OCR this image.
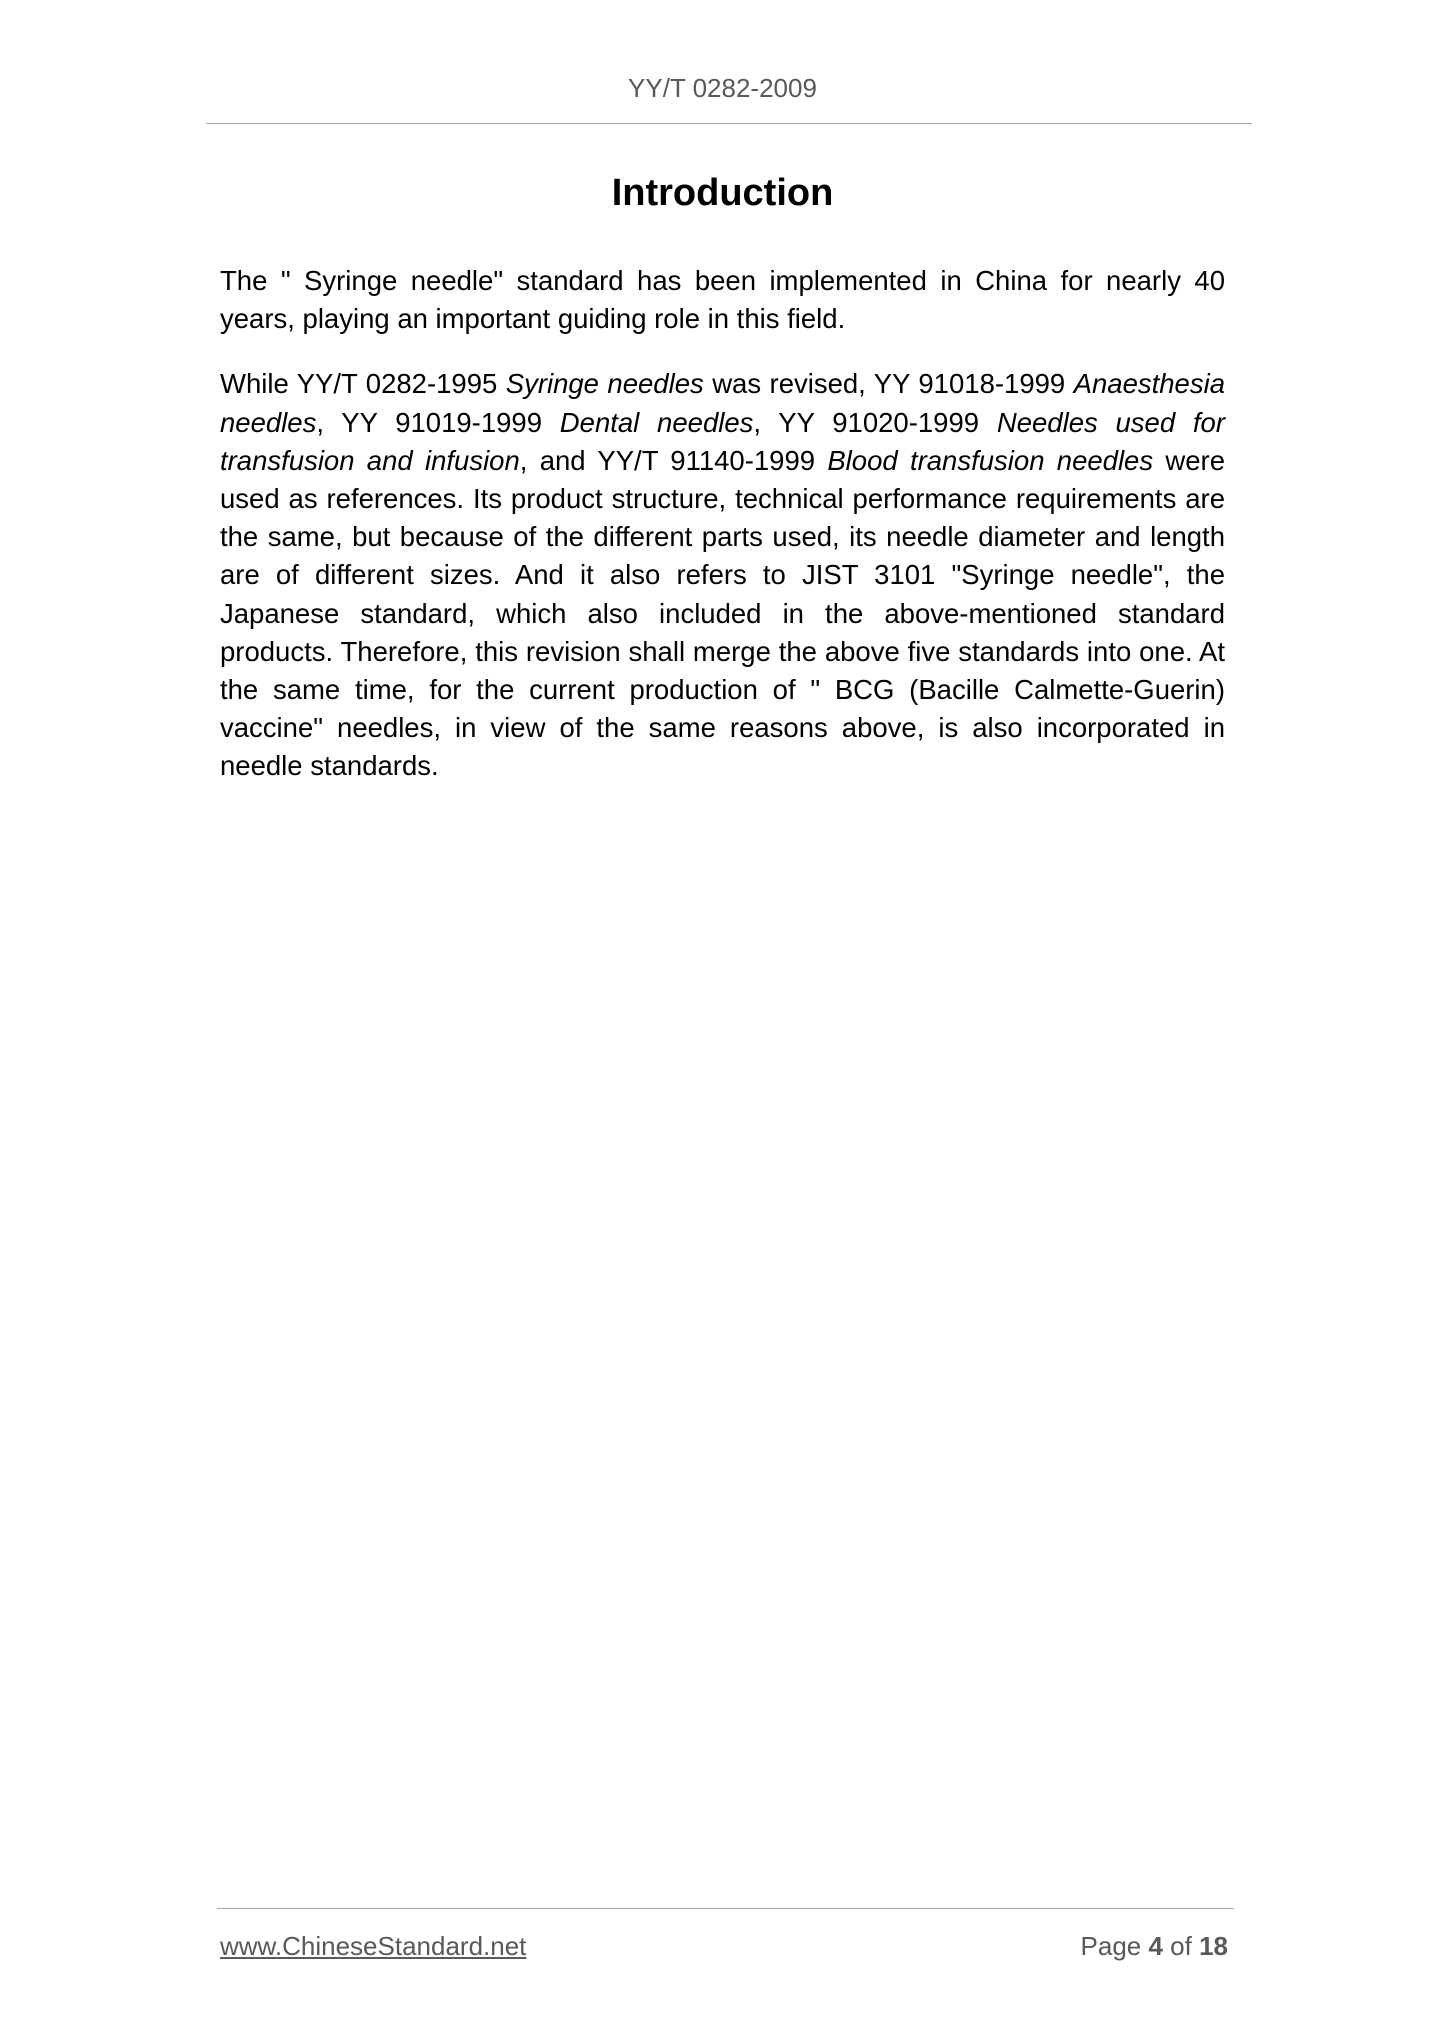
YY/T 0282-2009
Introduction

The " Syringe needle" standard has been implemented in China for nearly 40 years, playing an important guiding role in this field.

While YY/T 0282-1995 Syringe needles was revised, YY 91018-1999 Anaesthesia needles, YY 91019-1999 Dental needles, YY 91020-1999 Needles used for transfusion and infusion, and YY/T 91140-1999 Blood transfusion needles were used as references. Its product structure, technical performance requirements are the same, but because of the different parts used, its needle diameter and length are of different sizes. And it also refers to JIST 3101 "Syringe needle", the Japanese standard, which also included in the above-mentioned standard products. Therefore, this revision shall merge the above five standards into one. At the same time, for the current production of " BCG (Bacille Calmette-Guerin) vaccine" needles, in view of the same reasons above, is also incorporated in needle standards.

www.ChineseStandard.net	Page 4 of 18
